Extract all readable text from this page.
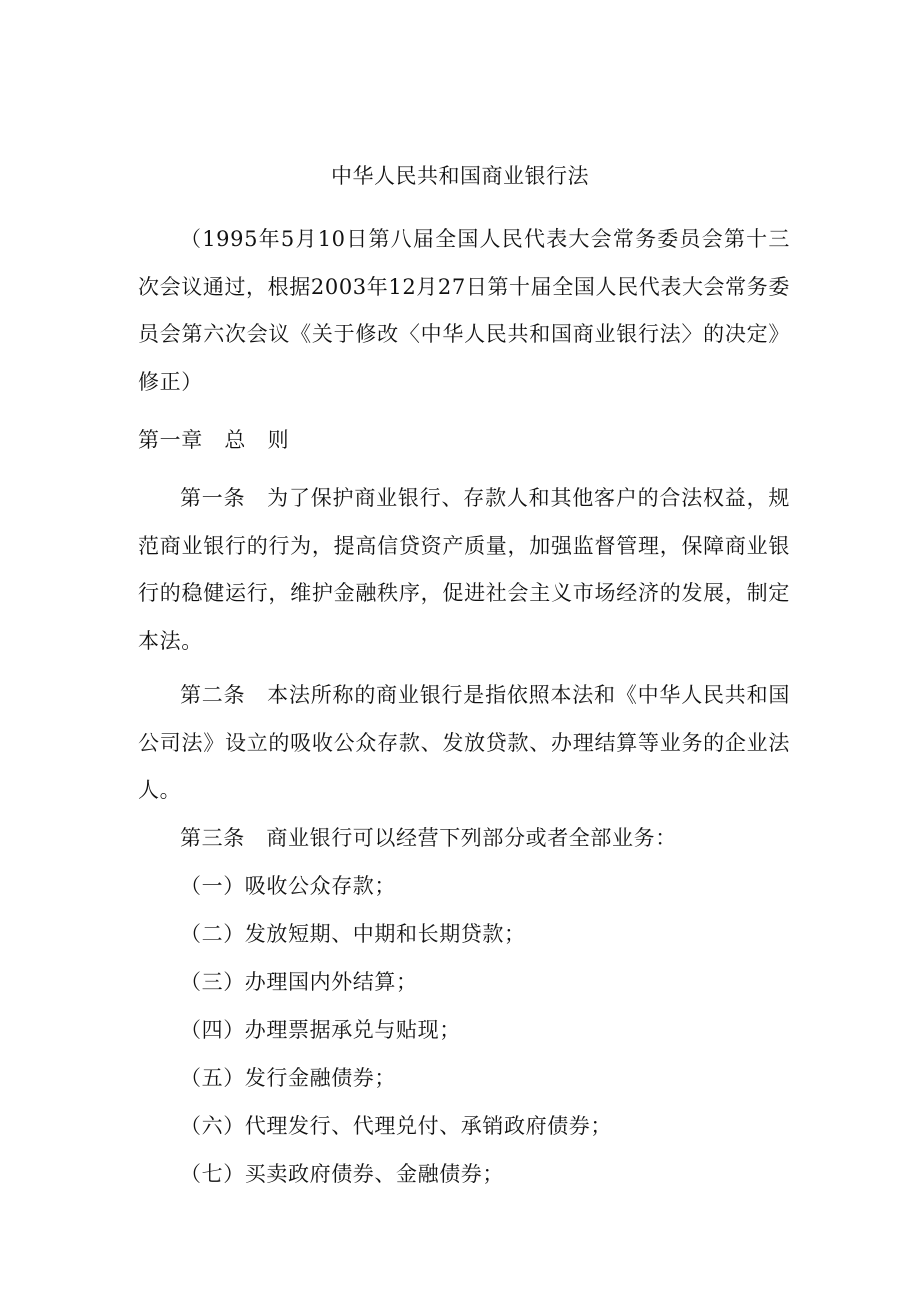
中华人民共和国商业银行法
（1995年5月10日第八届全国人民代表大会常务委员会第十三次会议通过，根据2003年12月27日第十届全国人民代表大会常务委员会第六次会议《关于修改〈中华人民共和国商业银行法〉的决定》修正）
第一章　总　则
第一条　为了保护商业银行、存款人和其他客户的合法权益，规范商业银行的行为，提高信贷资产质量，加强监督管理，保障商业银行的稳健运行，维护金融秩序，促进社会主义市场经济的发展，制定本法。
第二条　本法所称的商业银行是指依照本法和《中华人民共和国公司法》设立的吸收公众存款、发放贷款、办理结算等业务的企业法人。
第三条　商业银行可以经营下列部分或者全部业务：
（一）吸收公众存款；
（二）发放短期、中期和长期贷款；
（三）办理国内外结算；
（四）办理票据承兑与贴现；
（五）发行金融债券；
（六）代理发行、代理兑付、承销政府债券；
（七）买卖政府债券、金融债券；
